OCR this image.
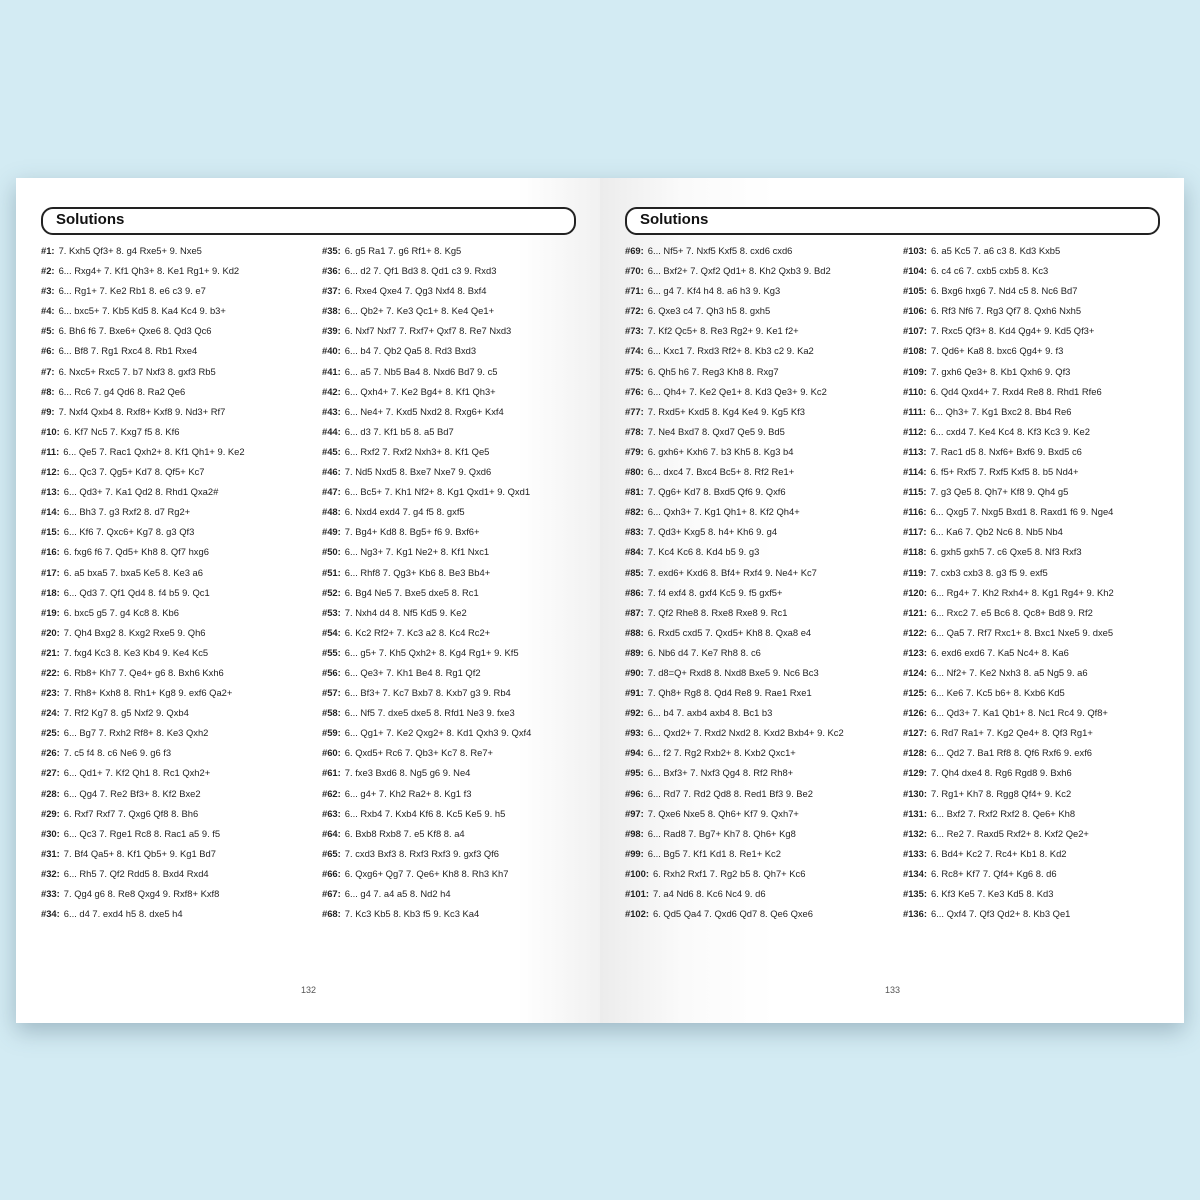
Solutions
#1: 7. Kxh5 Qf3+ 8. g4 Rxe5+ 9. Nxe5
#2: 6... Rxg4+ 7. Kf1 Qh3+ 8. Ke1 Rg1+ 9. Kd2
#3: 6... Rg1+ 7. Ke2 Rb1 8. e6 c3 9. e7
#4: 6... bxc5+ 7. Kb5 Kd5 8. Ka4 Kc4 9. b3+
#5: 6. Bh6 f6 7. Bxe6+ Qxe6 8. Qd3 Qc6
#6: 6... Bf8 7. Rg1 Rxc4 8. Rb1 Rxe4
#7: 6. Nxc5+ Rxc5 7. b7 Nxf3 8. gxf3 Rb5
#8: 6... Rc6 7. g4 Qd6 8. Ra2 Qe6
#9: 7. Nxf4 Qxb4 8. Rxf8+ Kxf8 9. Nd3+ Rf7
#10: 6. Kf7 Nc5 7. Kxg7 f5 8. Kf6
#11: 6... Qe5 7. Rac1 Qxh2+ 8. Kf1 Qh1+ 9. Ke2
#12: 6... Qc3 7. Qg5+ Kd7 8. Qf5+ Kc7
#13: 6... Qd3+ 7. Ka1 Qd2 8. Rhd1 Qxa2#
#14: 6... Bh3 7. g3 Rxf2 8. d7 Rg2+
#15: 6... Kf6 7. Qxc6+ Kg7 8. g3 Qf3
#16: 6. fxg6 f6 7. Qd5+ Kh8 8. Qf7 hxg6
#17: 6. a5 bxa5 7. bxa5 Ke5 8. Ke3 a6
#18: 6... Qd3 7. Qf1 Qd4 8. f4 b5 9. Qc1
#19: 6. bxc5 g5 7. g4 Kc8 8. Kb6
#20: 7. Qh4 Bxg2 8. Kxg2 Rxe5 9. Qh6
#21: 7. fxg4 Kc3 8. Ke3 Kb4 9. Ke4 Kc5
#22: 6. Rb8+ Kh7 7. Qe4+ g6 8. Bxh6 Kxh6
#23: 7. Rh8+ Kxh8 8. Rh1+ Kg8 9. exf6 Qa2+
#24: 7. Rf2 Kg7 8. g5 Nxf2 9. Qxb4
#25: 6... Bg7 7. Rxh2 Rf8+ 8. Ke3 Qxh2
#26: 7. c5 f4 8. c6 Ne6 9. g6 f3
#27: 6... Qd1+ 7. Kf2 Qh1 8. Rc1 Qxh2+
#28: 6... Qg4 7. Re2 Bf3+ 8. Kf2 Bxe2
#29: 6. Rxf7 Rxf7 7. Qxg6 Qf8 8. Bh6
#30: 6... Qc3 7. Rge1 Rc8 8. Rac1 a5 9. f5
#31: 7. Bf4 Qa5+ 8. Kf1 Qb5+ 9. Kg1 Bd7
#32: 6... Rh5 7. Qf2 Rdd5 8. Bxd4 Rxd4
#33: 7. Qg4 g6 8. Re8 Qxg4 9. Rxf8+ Kxf8
#34: 6... d4 7. exd4 h5 8. dxe5 h4
#35: 6. g5 Ra1 7. g6 Rf1+ 8. Kg5
#36: 6... d2 7. Qf1 Bd3 8. Qd1 c3 9. Rxd3
#37: 6. Rxe4 Qxe4 7. Qg3 Nxf4 8. Bxf4
#38: 6... Qb2+ 7. Ke3 Qc1+ 8. Ke4 Qe1+
#39: 6. Nxf7 Nxf7 7. Rxf7+ Qxf7 8. Re7 Nxd3
#40: 6... b4 7. Qb2 Qa5 8. Rd3 Bxd3
#41: 6... a5 7. Nb5 Ba4 8. Nxd6 Bd7 9. c5
#42: 6... Qxh4+ 7. Ke2 Bg4+ 8. Kf1 Qh3+
#43: 6... Ne4+ 7. Kxd5 Nxd2 8. Rxg6+ Kxf4
#44: 6... d3 7. Kf1 b5 8. a5 Bd7
#45: 6... Rxf2 7. Rxf2 Nxh3+ 8. Kf1 Qe5
#46: 7. Nd5 Nxd5 8. Bxe7 Nxe7 9. Qxd6
#47: 6... Bc5+ 7. Kh1 Nf2+ 8. Kg1 Qxd1+ 9. Qxd1
#48: 6. Nxd4 exd4 7. g4 f5 8. gxf5
#49: 7. Bg4+ Kd8 8. Bg5+ f6 9. Bxf6+
#50: 6... Ng3+ 7. Kg1 Ne2+ 8. Kf1 Nxc1
#51: 6... Rhf8 7. Qg3+ Kb6 8. Be3 Bb4+
#52: 6. Bg4 Ne5 7. Bxe5 dxe5 8. Rc1
#53: 7. Nxh4 d4 8. Nf5 Kd5 9. Ke2
#54: 6. Kc2 Rf2+ 7. Kc3 a2 8. Kc4 Rc2+
#55: 6... g5+ 7. Kh5 Qxh2+ 8. Kg4 Rg1+ 9. Kf5
#56: 6... Qe3+ 7. Kh1 Be4 8. Rg1 Qf2
#57: 6... Bf3+ 7. Kc7 Bxb7 8. Kxb7 g3 9. Rb4
#58: 6... Nf5 7. dxe5 dxe5 8. Rfd1 Ne3 9. fxe3
#59: 6... Qg1+ 7. Ke2 Qxg2+ 8. Kd1 Qxh3 9. Qxf4
#60: 6. Qxd5+ Rc6 7. Qb3+ Kc7 8. Re7+
#61: 7. fxe3 Bxd6 8. Ng5 g6 9. Ne4
#62: 6... g4+ 7. Kh2 Ra2+ 8. Kg1 f3
#63: 6... Rxb4 7. Kxb4 Kf6 8. Kc5 Ke5 9. h5
#64: 6. Bxb8 Rxb8 7. e5 Kf8 8. a4
#65: 7. cxd3 Bxf3 8. Rxf3 Rxf3 9. gxf3 Qf6
#66: 6. Qxg6+ Qg7 7. Qe6+ Kh8 8. Rh3 Kh7
#67: 6... g4 7. a4 a5 8. Nd2 h4
#68: 7. Kc3 Kb5 8. Kb3 f5 9. Kc3 Ka4
132
Solutions
#69: 6... Nf5+ 7. Nxf5 Kxf5 8. cxd6 cxd6
#70: 6... Bxf2+ 7. Qxf2 Qd1+ 8. Kh2 Qxb3 9. Bd2
#71: 6... g4 7. Kf4 h4 8. a6 h3 9. Kg3
#72: 6. Qxe3 c4 7. Qh3 h5 8. gxh5
#73: 7. Kf2 Qc5+ 8. Re3 Rg2+ 9. Ke1 f2+
#74: 6... Kxc1 7. Rxd3 Rf2+ 8. Kb3 c2 9. Ka2
#75: 6. Qh5 h6 7. Reg3 Kh8 8. Rxg7
#76: 6... Qh4+ 7. Ke2 Qe1+ 8. Kd3 Qe3+ 9. Kc2
#77: 7. Rxd5+ Kxd5 8. Kg4 Ke4 9. Kg5 Kf3
#78: 7. Ne4 Bxd7 8. Qxd7 Qe5 9. Bd5
#79: 6. gxh6+ Kxh6 7. b3 Kh5 8. Kg3 b4
#80: 6... dxc4 7. Bxc4 Bc5+ 8. Rf2 Re1+
#81: 7. Qg6+ Kd7 8. Bxd5 Qf6 9. Qxf6
#82: 6... Qxh3+ 7. Kg1 Qh1+ 8. Kf2 Qh4+
#83: 7. Qd3+ Kxg5 8. h4+ Kh6 9. g4
#84: 7. Kc4 Kc6 8. Kd4 b5 9. g3
#85: 7. exd6+ Kxd6 8. Bf4+ Rxf4 9. Ne4+ Kc7
#86: 7. f4 exf4 8. gxf4 Kc5 9. f5 gxf5+
#87: 7. Qf2 Rhe8 8. Rxe8 Rxe8 9. Rc1
#88: 6. Rxd5 cxd5 7. Qxd5+ Kh8 8. Qxa8 e4
#89: 6. Nb6 d4 7. Ke7 Rh8 8. c6
#90: 7. d8=Q+ Rxd8 8. Nxd8 Bxe5 9. Nc6 Bc3
#91: 7. Qh8+ Rg8 8. Qd4 Re8 9. Rae1 Rxe1
#92: 6... b4 7. axb4 axb4 8. Bc1 b3
#93: 6... Qxd2+ 7. Rxd2 Nxd2 8. Kxd2 Bxb4+ 9. Kc2
#94: 6... f2 7. Rg2 Rxb2+ 8. Kxb2 Qxc1+
#95: 6... Bxf3+ 7. Nxf3 Qg4 8. Rf2 Rh8+
#96: 6... Rd7 7. Rd2 Qd8 8. Red1 Bf3 9. Be2
#97: 7. Qxe6 Nxe5 8. Qh6+ Kf7 9. Qxh7+
#98: 6... Rad8 7. Bg7+ Kh7 8. Qh6+ Kg8
#99: 6... Bg5 7. Kf1 Kd1 8. Re1+ Kc2
#100: 6. Rxh2 Rxf1 7. Rg2 b5 8. Qh7+ Kc6
#101: 7. a4 Nd6 8. Kc6 Nc4 9. d6
#102: 6. Qd5 Qa4 7. Qxd6 Qd7 8. Qe6 Qxe6
#103: 6. a5 Kc5 7. a6 c3 8. Kd3 Kxb5
#104: 6. c4 c6 7. cxb5 cxb5 8. Kc3
#105: 6. Bxg6 hxg6 7. Nd4 c5 8. Nc6 Bd7
#106: 6. Rf3 Nf6 7. Rg3 Qf7 8. Qxh6 Nxh5
#107: 7. Rxc5 Qf3+ 8. Kd4 Qg4+ 9. Kd5 Qf3+
#108: 7. Qd6+ Ka8 8. bxc6 Qg4+ 9. f3
#109: 7. gxh6 Qe3+ 8. Kb1 Qxh6 9. Qf3
#110: 6. Qd4 Qxd4+ 7. Rxd4 Re8 8. Rhd1 Rfe6
#111: 6... Qh3+ 7. Kg1 Bxc2 8. Bb4 Re6
#112: 6... cxd4 7. Ke4 Kc4 8. Kf3 Kc3 9. Ke2
#113: 7. Rac1 d5 8. Nxf6+ Bxf6 9. Bxd5 c6
#114: 6. f5+ Rxf5 7. Rxf5 Kxf5 8. b5 Nd4+
#115: 7. g3 Qe5 8. Qh7+ Kf8 9. Qh4 g5
#116: 6... Qxg5 7. Nxg5 Bxd1 8. Raxd1 f6 9. Nge4
#117: 6... Ka6 7. Qb2 Nc6 8. Nb5 Nb4
#118: 6. gxh5 gxh5 7. c6 Qxe5 8. Nf3 Rxf3
#119: 7. cxb3 cxb3 8. g3 f5 9. exf5
#120: 6... Rg4+ 7. Kh2 Rxh4+ 8. Kg1 Rg4+ 9. Kh2
#121: 6... Rxc2 7. e5 Bc6 8. Qc8+ Bd8 9. Rf2
#122: 6... Qa5 7. Rf7 Rxc1+ 8. Bxc1 Nxe5 9. dxe5
#123: 6. exd6 exd6 7. Ka5 Nc4+ 8. Ka6
#124: 6... Nf2+ 7. Ke2 Nxh3 8. a5 Ng5 9. a6
#125: 6... Ke6 7. Kc5 b6+ 8. Kxb6 Kd5
#126: 6... Qd3+ 7. Ka1 Qb1+ 8. Nc1 Rc4 9. Qf8+
#127: 6. Rd7 Ra1+ 7. Kg2 Qe4+ 8. Qf3 Rg1+
#128: 6... Qd2 7. Ba1 Rf8 8. Qf6 Rxf6 9. exf6
#129: 7. Qh4 dxe4 8. Rg6 Rgd8 9. Bxh6
#130: 7. Rg1+ Kh7 8. Rgg8 Qf4+ 9. Kc2
#131: 6... Bxf2 7. Rxf2 Rxf2 8. Qe6+ Kh8
#132: 6... Re2 7. Raxd5 Rxf2+ 8. Kxf2 Qe2+
#133: 6. Bd4+ Kc2 7. Rc4+ Kb1 8. Kd2
#134: 6. Rc8+ Kf7 7. Qf4+ Kg6 8. d6
#135: 6. Kf3 Ke5 7. Ke3 Kd5 8. Kd3
#136: 6... Qxf4 7. Qf3 Qd2+ 8. Kb3 Qe1
133
